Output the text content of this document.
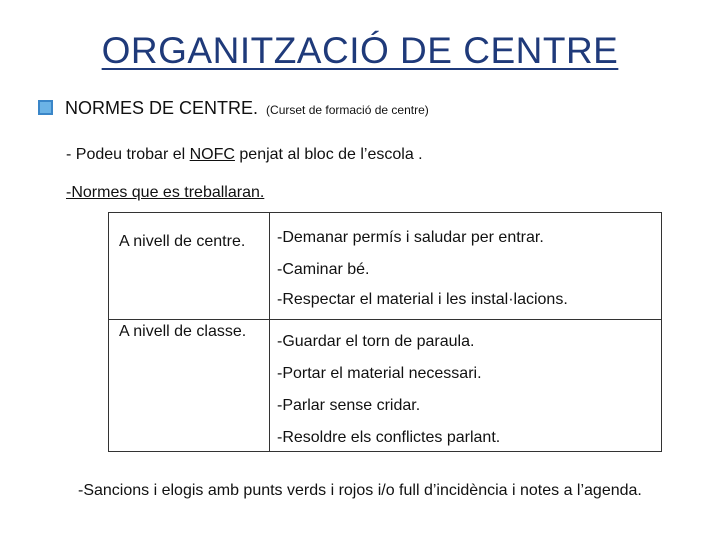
ORGANITZACIÓ DE CENTRE
NORMES DE CENTRE. (Curset de formació de centre)
- Podeu trobar el NOFC penjat al bloc de l’escola .
-Normes que es treballaran.
A nivell de centre. -Demanar permís i saludar per entrar.
-Caminar bé.
-Respectar el material i les instal·lacions.
A nivell de classe.
-Guardar el torn de paraula.
-Portar el material necessari.
-Parlar sense cridar.
-Resoldre els conflictes parlant.
-Sancions i elogis amb punts verds i rojos i/o full d’incidència i notes a l’agenda.
